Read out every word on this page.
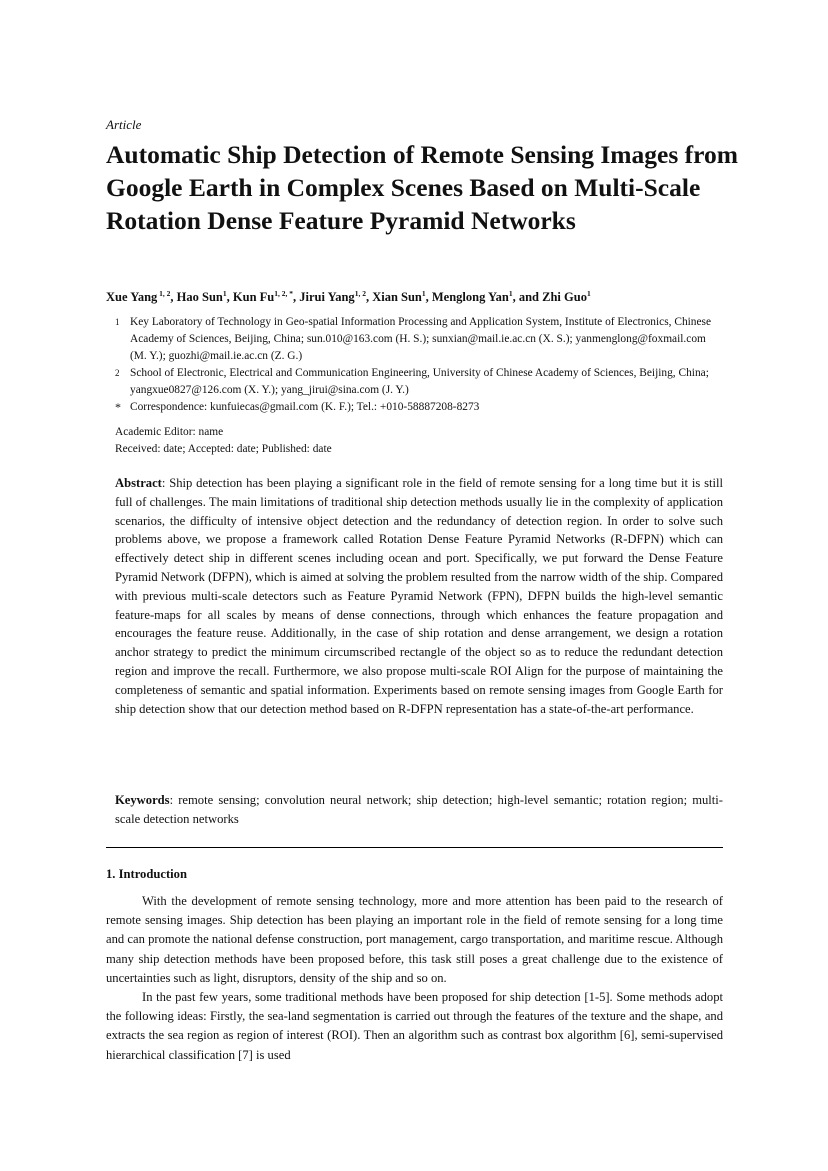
Article
Automatic Ship Detection of Remote Sensing Images from Google Earth in Complex Scenes Based on Multi-Scale Rotation Dense Feature Pyramid Networks
Xue Yang $^{1, 2}$, Hao Sun$^1$, Kun $Fu^{1, 2, *}$, Jirui Yang$^{1, 2}$, Xian Sun$^1$, Menglong Yan$^1$, and Zhi Guo$^1$
1 Key Laboratory of Technology in Geo-spatial Information Processing and Application System, Institute of Electronics, Chinese Academy of Sciences, Beijing, China; sun.010@163.com (H. S.); sunxian@mail.ie.ac.cn (X. S.); yanmenglong@foxmail.com (M. Y.); guozhi@mail.ie.ac.cn (Z. G.)
2 School of Electronic, Electrical and Communication Engineering, University of Chinese Academy of Sciences, Beijing, China; yangxue0827@126.com (X. Y.); yang_jirui@sina.com (J. Y.)
* Correspondence: kunfuiecas@gmail.com (K. F.); Tel.: +010-58887208-8273
Academic Editor: name
Received: date; Accepted: date; Published: date

Abstract: Ship detection has been playing a significant role in the field of remote sensing for a long time but it is still full of challenges. The main limitations of traditional ship detection methods usually lie in the complexity of application scenarios, the difficulty of intensive object detection and the redundancy of detection region. In order to solve such problems above, we propose a framework called Rotation Dense Feature Pyramid Networks (R-DFPN) which can effectively detect ship in different scenes including ocean and port. Specifically, we put forward the Dense Feature Pyramid Network (DFPN), which is aimed at solving the problem resulted from the narrow width of the ship. Compared with previous multi-scale detectors such as Feature Pyramid Network (FPN), DFPN builds the high-level semantic feature-maps for all scales by means of dense connections, through which enhances the feature propagation and encourages the feature reuse. Additionally, in the case of ship rotation and dense arrangement, we design a rotation anchor strategy to predict the minimum circumscribed rectangle of the object so as to reduce the redundant detection region and improve the recall. Furthermore, we also propose multi-scale ROI Align for the purpose of maintaining the completeness of semantic and spatial information. Experiments based on remote sensing images from Google Earth for ship detection show that our detection method based on R-DFPN representation has a state-of-the-art performance.

Keywords: remote sensing; convolution neural network; ship detection; high-level semantic; rotation region; multi-scale detection networks

1. Introduction

With the development of remote sensing technology, more and more attention has been paid to the research of remote sensing images. Ship detection has been playing an important role in the field of remote sensing for a long time and can promote the national defense construction, port management, cargo transportation, and maritime rescue. Although many ship detection methods have been proposed before, this task still poses a great challenge due to the existence of uncertainties such as light, disruptors, density of the ship and so on.

In the past few years, some traditional methods have been proposed for ship detection [1-5]. Some methods adopt the following ideas: Firstly, the sea-land segmentation is carried out through the features of the texture and the shape, and extracts the sea region as region of interest (ROI). Then an algorithm such as contrast box algorithm [6], semi-supervised hierarchical classification [7] is used
